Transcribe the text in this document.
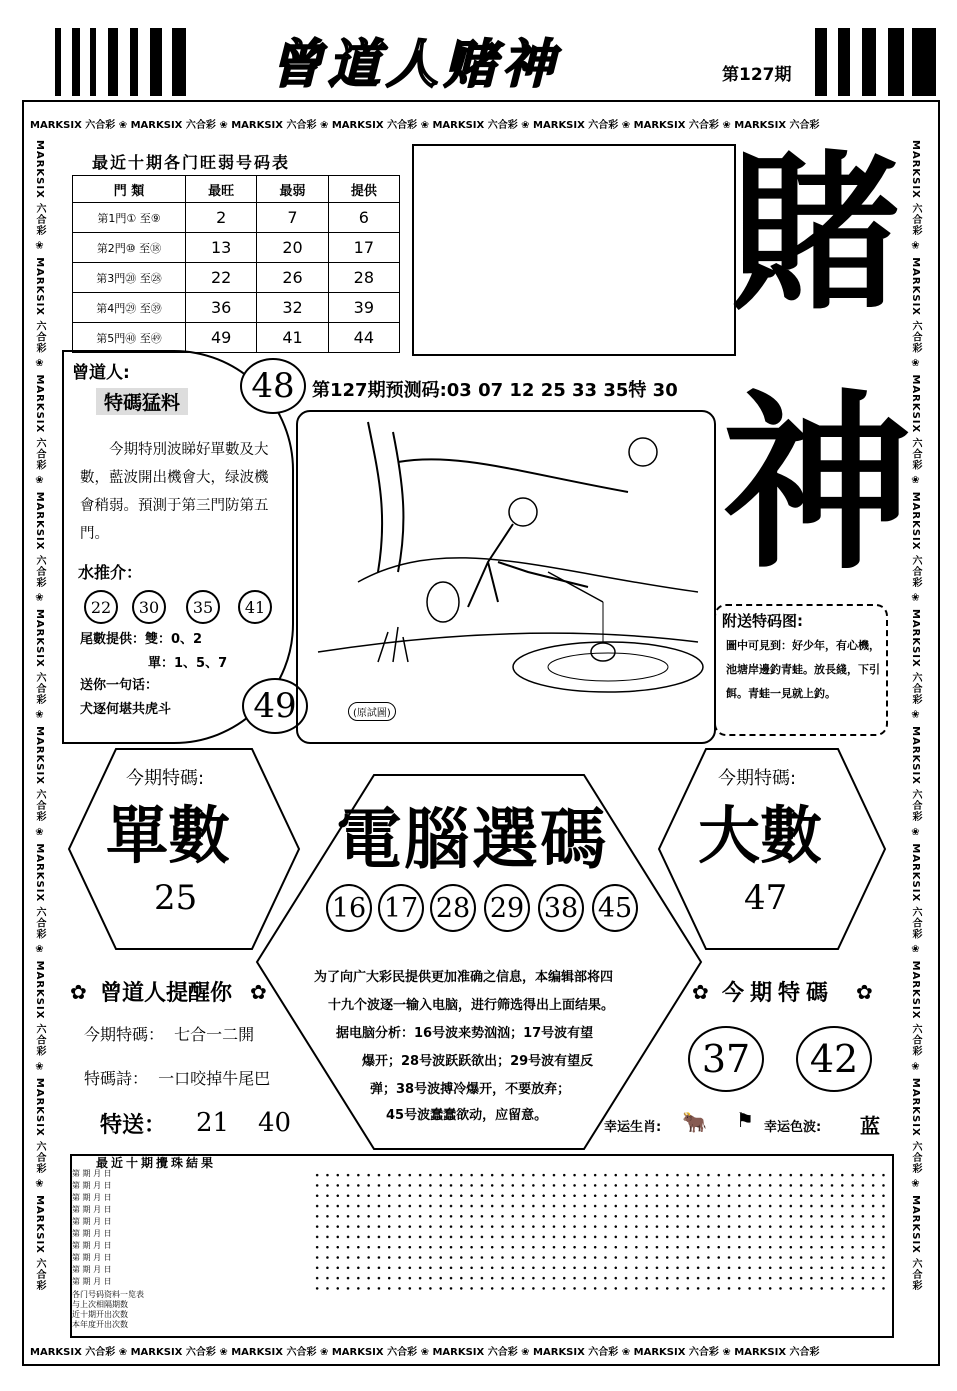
曾道人赌神	第127期
MARKSIX 六合彩 ❀ MARKSIX 六合彩 ❀ MARKSIX 六合彩 ❀ MARKSIX 六合彩 ❀ MARKSIX 六合彩 ❀ MARKSIX 六合彩 ❀ MARKSIX 六合彩 ❀ MARKSIX 六合彩
MARKSIX 六合彩 ❀ MARKSIX 六合彩 ❀ MARKSIX 六合彩 ❀ MARKSIX 六合彩 ❀ MARKSIX 六合彩 ❀ MARKSIX 六合彩 ❀ MARKSIX 六合彩 ❀ MARKSIX 六合彩
MARKSIX 六合彩 ❀ MARKSIX 六合彩 ❀ MARKSIX 六合彩 ❀ MARKSIX 六合彩 ❀ MARKSIX 六合彩 ❀ MARKSIX 六合彩 ❀ MARKSIX 六合彩 ❀ MARKSIX 六合彩 ❀ MARKSIX 六合彩 ❀ MARKSIX 六合彩
MARKSIX 六合彩 ❀ MARKSIX 六合彩 ❀ MARKSIX 六合彩 ❀ MARKSIX 六合彩 ❀ MARKSIX 六合彩 ❀ MARKSIX 六合彩 ❀ MARKSIX 六合彩 ❀ MARKSIX 六合彩 ❀ MARKSIX 六合彩 ❀ MARKSIX 六合彩
最近十期各门旺弱号码表
門 類	最旺	最弱	提供
第1門① 至⑨	2	7	6
第2門⑩ 至⑱	13	20	17
第3門⑳ 至㉘	22	26	28
第4門㉙ 至㊴	36	32	39
第5門㊵ 至㊾	49	41	44
賭
神
曾道人:
特碼猛料
今期特別波睇好單數及大數，藍波開出機會大，绿波機會稍弱。預測于第三門防第五門。
水推介：
22	30	35	41
尾數提供：雙：0、2
單：1、5、7
送你一句话：
犬逐何堪共虎斗
48
49
第127期预测码:03 07 12 25 33 35特 30
(原試圖)
附送特码图:
圖中可見到：好少年，有心機，池塘岸邊釣青蛙。放長綫，下引餌。青蛙一見就上釣。
今期特碼:
單數
25
今期特碼:
大數
47
電腦選碼
16 17 28 29 38 45
为了向广大彩民提供更加准确之信息，本编辑部将四
十九个波逐一输入电脑，进行筛选得出上面结果。
据电脑分析：16号波来势汹汹；17号波有望
爆开；28号波跃跃欲出；29号波有望反
弹；38号波搏冷爆开，不要放弃；
45号波蠢蠢欲动，应留意。
✿ 曾道人提醒你 ✿
今期特碼：  七合一二開
特碼詩：  一口咬掉牛尾巴
特送： 21 40
✿ 今期特碼 ✿
37	42
幸运生肖: 🐂 ⚑ 幸运色波: 蓝
最近十期攪珠結果
第 期 月 日
第 期 月 日
第 期 月 日
第 期 月 日
第 期 月 日
第 期 月 日
第 期 月 日
第 期 月 日
第 期 月 日
第 期 月 日
各门号码资料一览表
与上次相隔期数
近十期开出次数
本年度开出次数
